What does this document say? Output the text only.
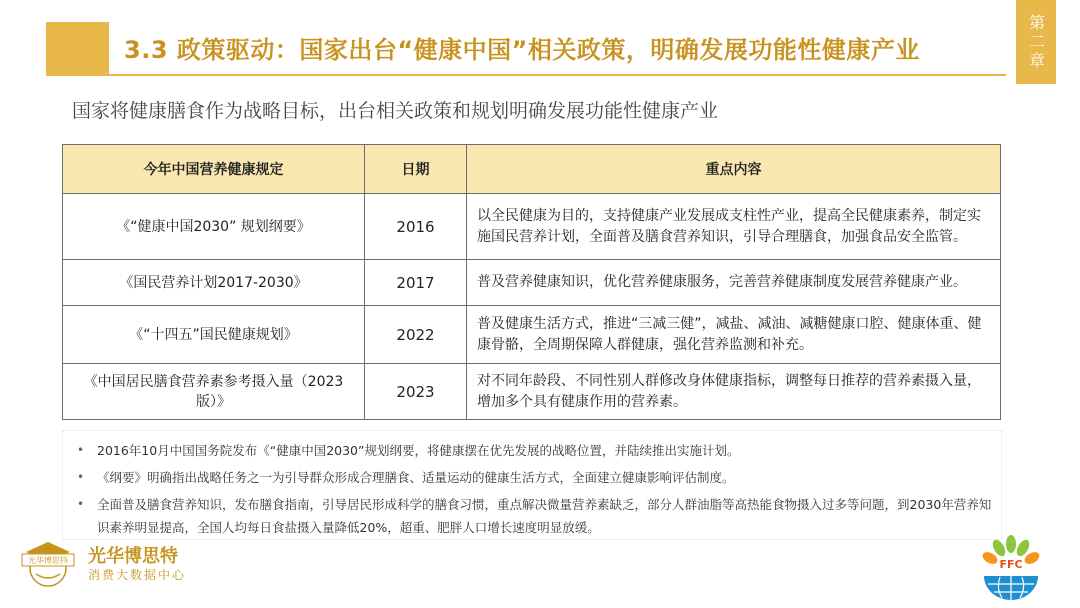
3.3 政策驱动：国家出台“健康中国”相关政策，明确发展功能性健康产业	第二章
国家将健康膳食作为战略目标，出台相关政策和规划明确发展功能性健康产业
今年中国营养健康规定	日期	重点内容
《“健康中国2030” 规划纲要》	2016	以全民健康为目的，支持健康产业发展成支柱性产业，提高全民健康素养，制定实施国民营养计划，全面普及膳食营养知识，引导合理膳食，加强食品安全监管。
《国民营养计划2017-2030》	2017	普及营养健康知识，优化营养健康服务，完善营养健康制度发展营养健康产业。
《“十四五”国民健康规划》	2022	普及健康生活方式，推进“三减三健”，减盐、减油、减糖健康口腔、健康体重、健康骨骼，全周期保障人群健康，强化营养监测和补充。
《中国居民膳食营养素参考摄入量（2023版）》	2023	对不同年龄段、不同性别人群修改身体健康指标，调整每日推荐的营养素摄入量，增加多个具有健康作用的营养素。
• 2016年10月中国国务院发布《“健康中国2030”规划纲要，将健康摆在优先发展的战略位置，并陆续推出实施计划。
• 《纲要》明确指出战略任务之一为引导群众形成合理膳食、适量运动的健康生活方式，全面建立健康影响评估制度。
• 全面普及膳食营养知识，发布膳食指南，引导居民形成科学的膳食习惯，重点解决微量营养素缺乏，部分人群油脂等高热能食物摄入过多等问题，到2030年营养知识素养明显提高，全国人均每日食盐摄入量降低20%，超重、肥胖人口增长速度明显放缓。
光华博思特 光华博思特
消费大数据中心
FFC
